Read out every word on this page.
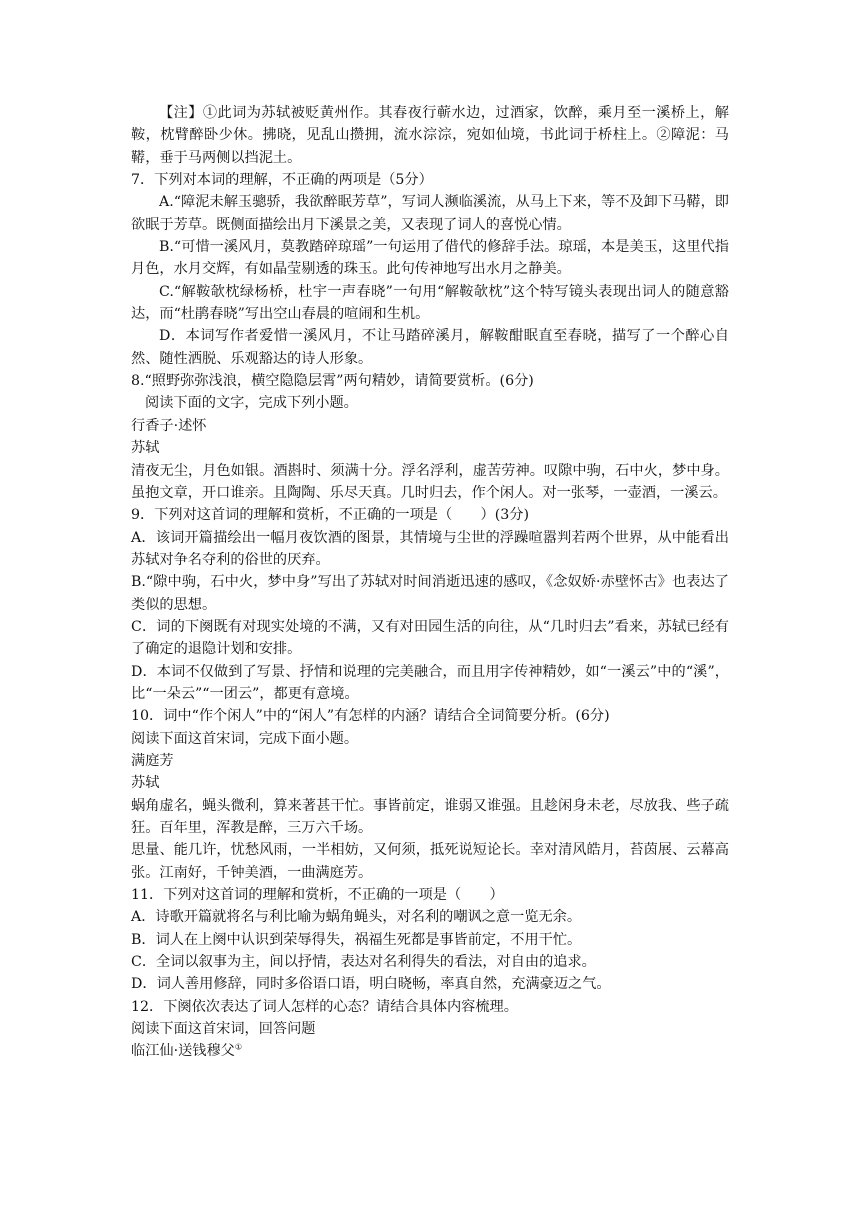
【注】①此词为苏轼被贬黄州作。其春夜行蕲水边，过酒家，饮醉，乘月至一溪桥上，解鞍，枕臂醉卧少休。拂晓，见乱山攒拥，流水淙淙，宛如仙境，书此词于桥柱上。②障泥：马鞯，垂于马两侧以挡泥土。

7．下列对本词的理解，不正确的两项是（5分）

A.“障泥未解玉骢骄，我欲醉眠芳草”，写词人濒临溪流，从马上下来，等不及卸下马鞯，即欲眠于芳草。既侧面描绘出月下溪景之美，又表现了词人的喜悦心情。

B.“可惜一溪风月，莫教踏碎琼瑶”一句运用了借代的修辞手法。琼瑶，本是美玉，这里代指月色，水月交辉，有如晶莹剔透的珠玉。此句传神地写出水月之静美。

C.“解鞍欹枕绿杨桥，杜宇一声春晓”一句用“解鞍欹枕”这个特写镜头表现出词人的随意豁达，而“杜鹃春晓”写出空山春晨的喧闹和生机。

D．本词写作者爱惜一溪风月，不让马踏碎溪月，解鞍酣眠直至春晓，描写了一个醉心自然、随性洒脱、乐观豁达的诗人形象。

8.“照野弥弥浅浪，横空隐隐层霄”两句精妙，请简要赏析。(6分)

阅读下面的文字，完成下列小题。

行香子·述怀

苏轼

清夜无尘，月色如银。酒斟时、须满十分。浮名浮利，虚苦劳神。叹隙中驹，石中火，梦中身。虽抱文章，开口谁亲。且陶陶、乐尽天真。几时归去，作个闲人。对一张琴，一壶酒，一溪云。

9．下列对这首词的理解和赏析，不正确的一项是（　　）(3分)

A．该词开篇描绘出一幅月夜饮酒的图景，其情境与尘世的浮躁喧嚣判若两个世界，从中能看出苏轼对争名夺利的俗世的厌弃。

B.“隙中驹，石中火，梦中身”写出了苏轼对时间消逝迅速的感叹，《念奴娇·赤壁怀古》也表达了类似的思想。

C．词的下阕既有对现实处境的不满，又有对田园生活的向往，从“几时归去”看来，苏轼已经有了确定的退隐计划和安排。

D．本词不仅做到了写景、抒情和说理的完美融合，而且用字传神精妙，如“一溪云”中的“溪”，比“一朵云”“一团云”，都更有意境。

10．词中“作个闲人”中的“闲人”有怎样的内涵？请结合全词简要分析。(6分)

阅读下面这首宋词，完成下面小题。

满庭芳

苏轼

蜗角虚名，蝇头微利，算来著甚干忙。事皆前定，谁弱又谁强。且趁闲身未老，尽放我、些子疏狂。百年里，浑教是醉，三万六千场。

思量、能几许，忧愁风雨，一半相妨，又何须，抵死说短论长。幸对清风皓月，苔茵展、云幕高张。江南好，千钟美酒，一曲满庭芳。

11．下列对这首词的理解和赏析，不正确的一项是（　　）

A．诗歌开篇就将名与利比喻为蜗角蝇头，对名利的嘲讽之意一览无余。

B．词人在上阕中认识到荣辱得失，祸福生死都是事皆前定，不用干忙。

C．全词以叙事为主，间以抒情，表达对名利得失的看法，对自由的追求。

D．词人善用修辞，同时多俗语口语，明白晓畅，率真自然，充满豪迈之气。

12．下阕依次表达了词人怎样的心态？请结合具体内容梳理。

阅读下面这首宋词，回答问题

临江仙·送钱穆父①
